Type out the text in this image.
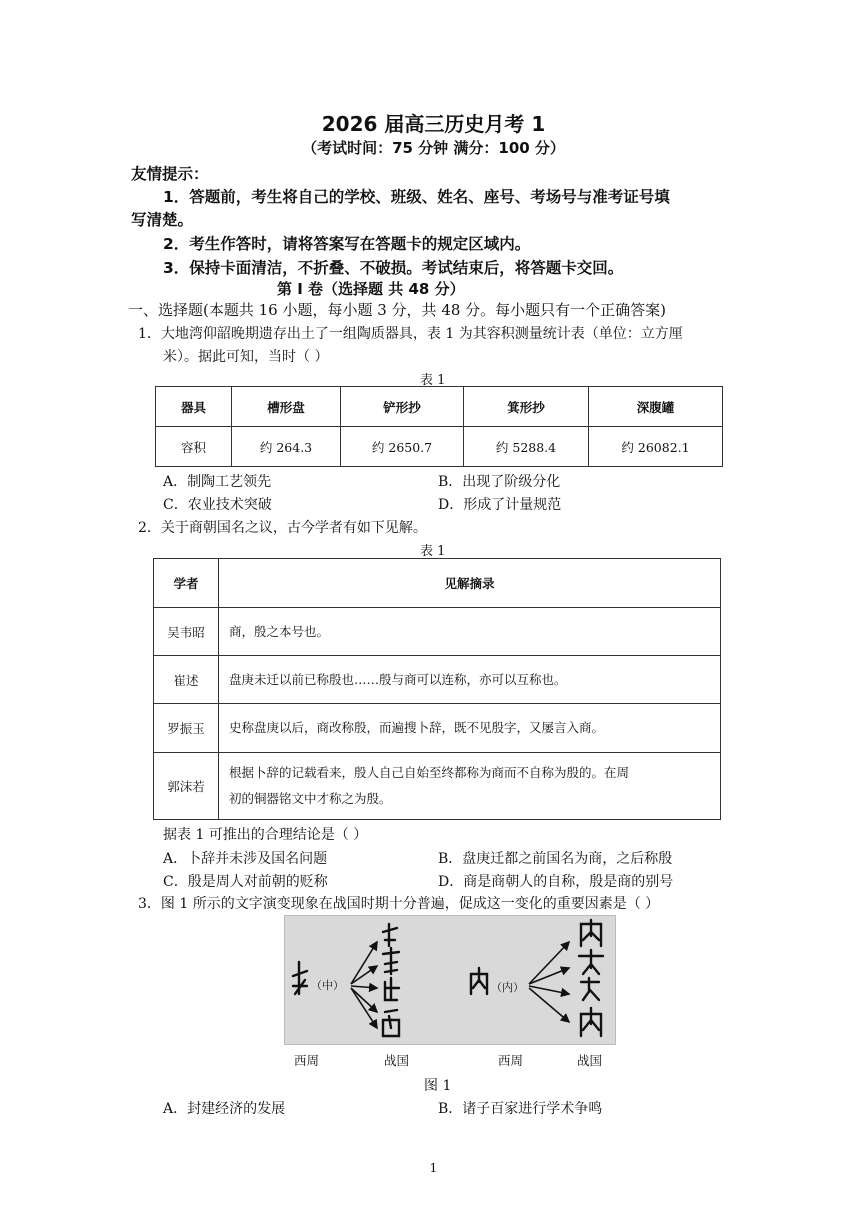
2026 届高三历史月考 1
（考试时间：75 分钟 满分：100 分）
友情提示：
1．答题前，考生将自己的学校、班级、姓名、座号、考场号与准考证号填
写清楚。
2．考生作答时，请将答案写在答题卡的规定区域内。
3．保持卡面清洁，不折叠、不破损。考试结束后，将答题卡交回。
第 I 卷（选择题 共 48 分）
一、选择题(本题共 16 小题，每小题 3 分，共 48 分。每小题只有一个正确答案)
1．大地湾仰韶晚期遗存出土了一组陶质器具，表 1 为其容积测量统计表（单位：立方厘
米）。据此可知，当时（ ）
表 1
器具	槽形盘	铲形抄	箕形抄	深腹罐
容积	约 264.3	约 2650.7	约 5288.4	约 26082.1
A．制陶工艺领先	B．出现了阶级分化
C．农业技术突破	D．形成了计量规范
2．关于商朝国名之议，古今学者有如下见解。
表 1
学者	见解摘录
吴韦昭	商，殷之本号也。
崔述	盘庚未迁以前已称殷也……殷与商可以连称，亦可以互称也。
罗振玉	史称盘庚以后，商改称殷，而遍搜卜辞，既不见殷字，又屡言入商。
郭沫若	根据卜辞的记载看来，殷人自己自始至终都称为商而不自称为殷的。在周
初的铜器铭文中才称之为殷。
据表 1 可推出的合理结论是（ ）
A．卜辞并未涉及国名问题	B．盘庚迁都之前国名为商，之后称殷
C．殷是周人对前朝的贬称	D．商是商朝人的自称，殷是商的别号
3．图 1 所示的文字演变现象在战国时期十分普遍，促成这一变化的重要因素是（ ）
（中）	（内）
西周	战国	西周	战国
图 1
A．封建经济的发展	B．诸子百家进行学术争鸣
1
